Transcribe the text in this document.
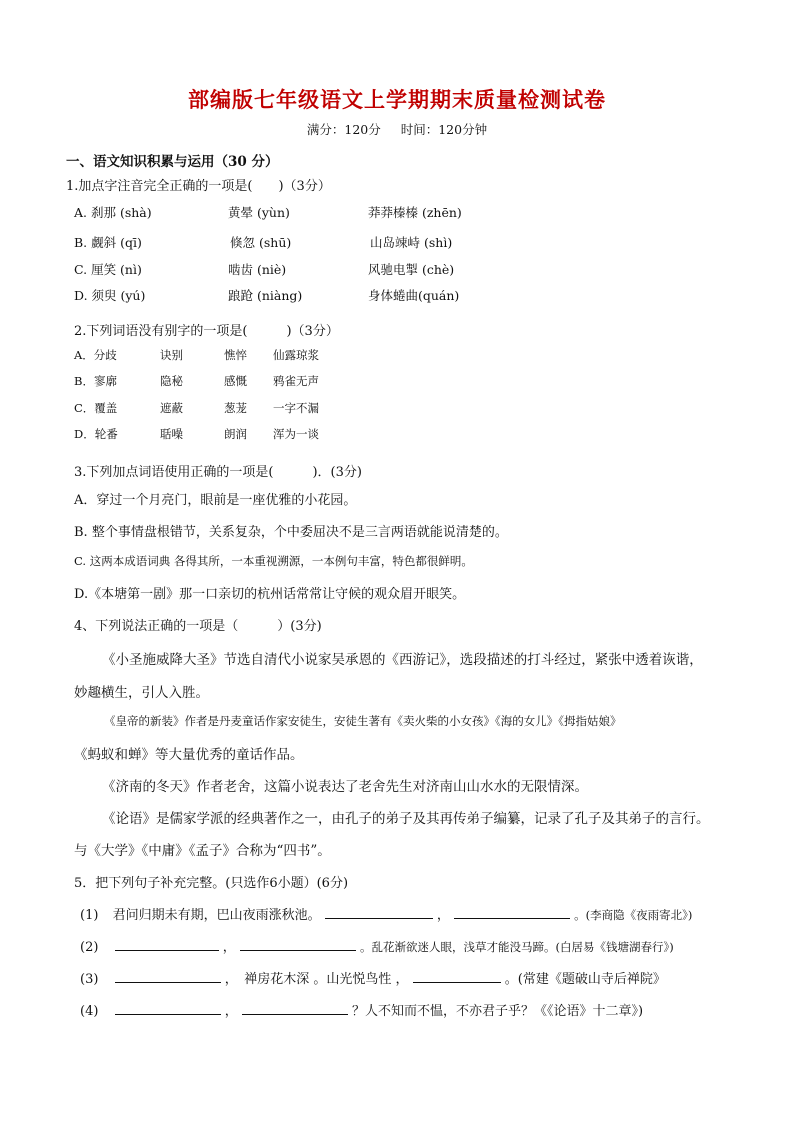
部编版七年级语文上学期期末质量检测试卷
满分：120分 时间：120分钟
一、语文知识积累与运用（30 分）
1.加点字注音完全正确的一项是(　　)（3分）
A. 刹那 (shà)	黄晕 (yùn)	莽莽榛榛 (zhēn)
B. 觑斜 (qī)	倏忽 (shū)	山岛竦峙 (shì)
C. 厘笑 (nì)	啮齿 (niè)	风驰电掣 (chè)
D. 须臾 (yú)	踉跄 (niàng)	身体蜷曲(quán)
2.下列词语没有别字的一项是(　　　)（3分）
A．分歧	诀别	憔悴 仙露琼浆
B．寥廓	隐秘	感慨 鸦雀无声
C．覆盖	遮蔽	葱茏 一字不漏
D．轮番	聒噪	朗润 浑为一谈
3.下列加点词语使用正确的一项是(　　　)．(3分)
A．穿过一个月亮门，眼前是一座优雅的小花园。
B. 整个事情盘根错节，关系复杂，个中委屈决不是三言两语就能说清楚的。
C. 这两本成语词典 各得其所，一本重视溯源，一本例句丰富，特色都很鲜明。
D.《本塘第一剧》那一口亲切的杭州话常常让守候的观众眉开眼笑。
4、下列说法正确的一项是（　　　）(3分)
《小圣施威降大圣》节选自清代小说家吴承恩的《西游记》，选段描述的打斗经过，紧张中透着诙谐，
妙趣横生，引人入胜。
《皇帝的新装》作者是丹麦童话作家安徒生，安徒生著有《卖火柴的小女孩》《海的女儿》《拇指姑娘》
《蚂蚁和蝉》等大量优秀的童话作品。
《济南的冬天》作者老舍，这篇小说表达了老舍先生对济南山山水水的无限情深。
《论语》是儒家学派的经典著作之一，由孔子的弟子及其再传弟子编纂，记录了孔子及其弟子的言行。
与《大学》《中庸》《孟子》合称为“四书”。
5．把下列句子补充完整。(只选作6小题）(6分)
(1) 君问归期未有期，巴山夜雨涨秋池。	，	。(李商隐《夜雨寄北》)
(2)	，	。乱花渐欲迷人眼，浅草才能没马蹄。(白居易《钱塘湖春行》)
(3)	，　禅房花木深 。山光悦鸟性 ，	。(常建《题破山寺后禅院》
(4)	，	？人不知而不愠，不亦君子乎？《《论语》十二章》)
